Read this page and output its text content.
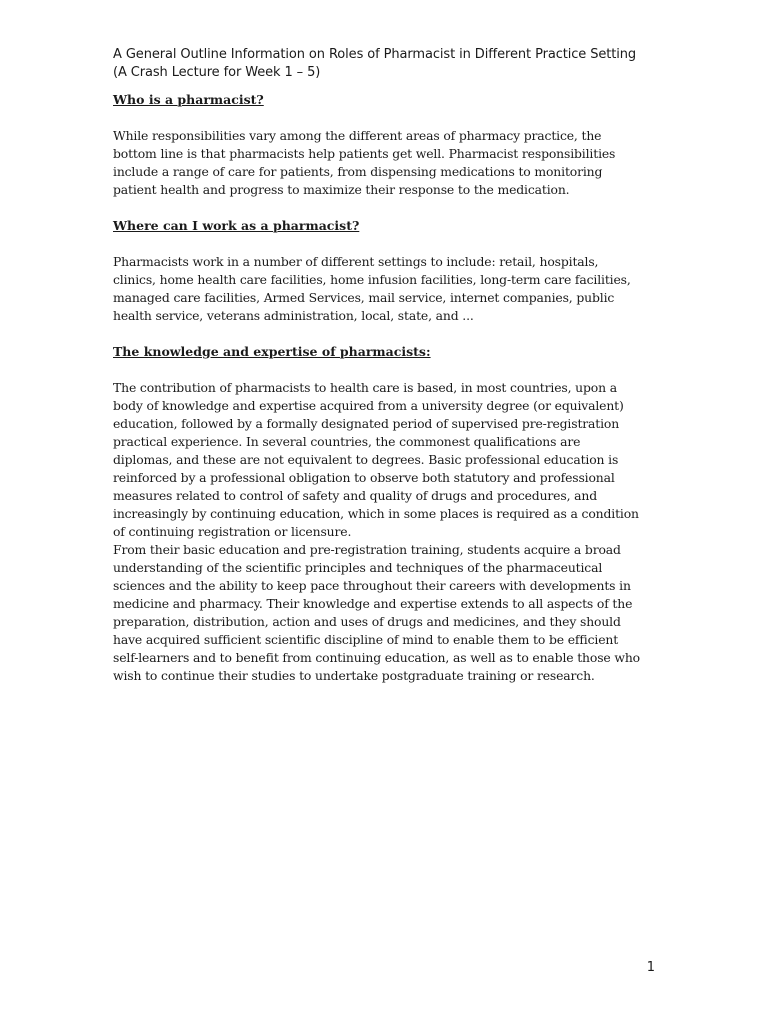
A General Outline Information on Roles of Pharmacist in Different Practice Setting
(A Crash Lecture for Week 1 – 5)
Who is a pharmacist?

While responsibilities vary among the different areas of pharmacy practice, the bottom line is that pharmacists help patients get well. Pharmacist responsibilities include a range of care for patients, from dispensing medications to monitoring patient health and progress to maximize their response to the medication.

Where can I work as a pharmacist?

Pharmacists work in a number of different settings to include: retail, hospitals, clinics, home health care facilities, home infusion facilities, long-term care facilities, managed care facilities, Armed Services, mail service, internet companies, public health service, veterans administration, local, state, and ...

The knowledge and expertise of pharmacists:

The contribution of pharmacists to health care is based, in most countries, upon a body of knowledge and expertise acquired from a university degree (or equivalent) education, followed by a formally designated period of supervised pre-registration practical experience. In several countries, the commonest qualifications are diplomas, and these are not equivalent to degrees. Basic professional education is reinforced by a professional obligation to observe both statutory and professional measures related to control of safety and quality of drugs and procedures, and increasingly by continuing education, which in some places is required as a condition of continuing registration or licensure.

From their basic education and pre-registration training, students acquire a broad understanding of the scientific principles and techniques of the pharmaceutical sciences and the ability to keep pace throughout their careers with developments in medicine and pharmacy. Their knowledge and expertise extends to all aspects of the preparation, distribution, action and uses of drugs and medicines, and they should have acquired sufficient scientific discipline of mind to enable them to be efficient self-learners and to benefit from continuing education, as well as to enable those who wish to continue their studies to undertake postgraduate training or research.

1
